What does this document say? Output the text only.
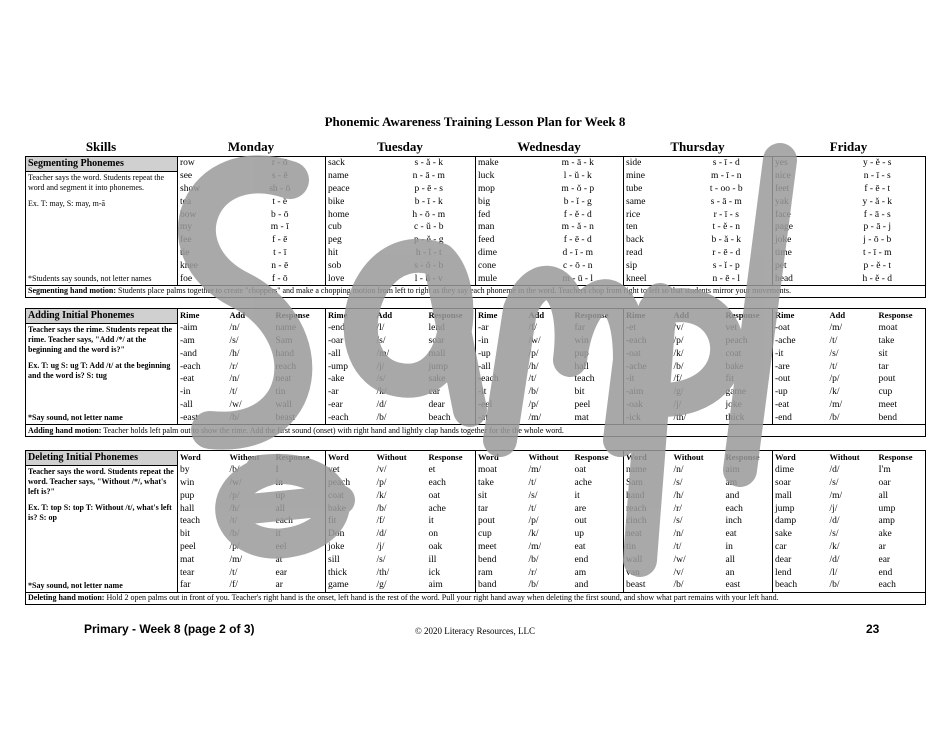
Phonemic Awareness Training Lesson Plan for Week 8
Skills	Monday	Tuesday	Wednesday	Thursday	Friday
Segmenting Phonemes
Teacher says the word. Students repeat the word and segment it into phonemes.
Ex. T: may, S: may, m-ā
*Students say sounds, not letter names	row	r - ō	sack	s - ă - k	make	m - ā - k	side	s - ī - d	yes	y - ĕ - s
	see	s - ē	name	n - ā - m	luck	l - ŭ - k	mine	m - ī - n	nice	n - ī - s
	show	sh - ō	peace	p - ē - s	mop	m - ŏ - p	tube	t - oo - b	feet	f - ē - t
	tea	t - ē	bike	b - ī - k	big	b - ĭ - g	same	s - ā - m	yak	y - ă - k
	bow	b - ō	home	h - ō - m	fed	f - ĕ - d	rice	r - ī - s	face	f - ā - s
	my	m - ī	cub	c - ŭ - b	man	m - ă - n	ten	t - ĕ - n	page	p - ā - j
	fee	f - ē	peg	p - ĕ - g	feed	f - ē - d	back	b - ă - k	joke	j - ō - b
	tie	t - ī	hit	h - ĭ - t	dime	d - ī - m	read	r - ē - d	time	t - ī - m
	knee	n - ē	sob	s - ŏ - b	cone	c - ō - n	sip	s - ĭ - p	pet	p - ĕ - t
	foe	f - ō	love	l - ŭ - v	mule	m - ū - l	kneel	n - ē - l	head	h - ĕ - d
Segmenting hand motion: Students place palms together to create "choppers" and make a chopping motion from left to right as they say each phoneme in the word. Teachers chop from right to left so that students mirror your movements.										
Adding Initial Phonemes
Teacher says the rime. Students repeat the rime. Teacher says, "Add /*/ at the beginning and the word is?"
Ex. T: ug S: ug T: Add /t/ at the beginning and the word is? S: tug
*Say sound, not letter name	Rime	Add	Response	Rime	Add	Response	Rime	Add	Response	Rime	Add	Response	Rime	Add	Response
	-aim	/n/	name	-end	/l/	lend	-ar	/f/	far	-et	/v/	vet	-oat	/m/	moat
	-am	/s/	Sam	-oar	/s/	soar	-in	/w/	win	-each	/p/	peach	-ache	/t/	take
	-and	/h/	hand	-all	/m/	mall	-up	/p/	pup	-oat	/k/	coat	-it	/s/	sit
	-each	/r/	reach	-ump	/j/	jump	-all	/h/	hall	-ache	/b/	bake	-are	/t/	tar
	-eat	/n/	neat	-ake	/s/	sake	-each	/t/	teach	-it	/f/	fit	-out	/p/	pout
	-in	/t/	tin	-ar	/k/	car	-it	/b/	bit	-aim	/g/	game	-up	/k/	cup
	-all	/w/	wall	-ear	/d/	dear	-eel	/p/	peel	-oak	/j/	joke	-eat	/m/	meet
	-east	/b/	beast	-each	/b/	beach	-at	/m/	mat	-ick	/th/	thick	-end	/b/	bend
Adding hand motion: Teacher holds left palm out to show the rime. Add the first sound (onset) with right hand and lightly clap hands together for the the whole word.															
Deleting Initial Phonemes
Teacher says the word. Students repeat the word. Teacher says, "Without /*/, what's left is?"
Ex. T: top S: top T: Without /t/, what's left is? S: op
*Say sound, not letter name	Word	Without	Response	Word	Without	Response	Word	Without	Response	Word	Without	Response	Word	Without	Response
	by	/b/	I	vet	/v/	et	moat	/m/	oat	name	/n/	aim	dime	/d/	I'm
	win	/w/	in	peach	/p/	each	take	/t/	ache	Sam	/s/	am	soar	/s/	oar
	pup	/p/	up	coat	/k/	oat	sit	/s/	it	hand	/h/	and	mall	/m/	all
	hall	/h/	all	bake	/b/	ache	tar	/t/	are	reach	/r/	each	jump	/j/	ump
	teach	/t/	each	fit	/f/	it	pout	/p/	out	cinch	/s/	inch	damp	/d/	amp
	bit	/b/	it	Don	/d/	on	cup	/k/	up	neat	/n/	eat	sake	/s/	ake
	peel	/p/	eel	joke	/j/	oak	meet	/m/	eat	tin	/t/	in	car	/k/	ar
	mat	/m/	at	sill	/s/	ill	bend	/b/	end	wall	/w/	all	dear	/d/	ear
	tear	/t/	ear	thick	/th/	ick	ram	/r/	am	van	/v/	an	lend	/l/	end
	far	/f/	ar	game	/g/	aim	band	/b/	and	beast	/b/	east	beach	/b/	each
Deleting hand motion: Hold 2 open palms out in front of you. Teacher's right hand is the onset, left hand is the rest of the word. Pull your right hand away when deleting the first sound, and show what part remains with your left hand.															
Primary - Week 8 (page 2 of 3)	© 2020 Literacy Resources, LLC	23
